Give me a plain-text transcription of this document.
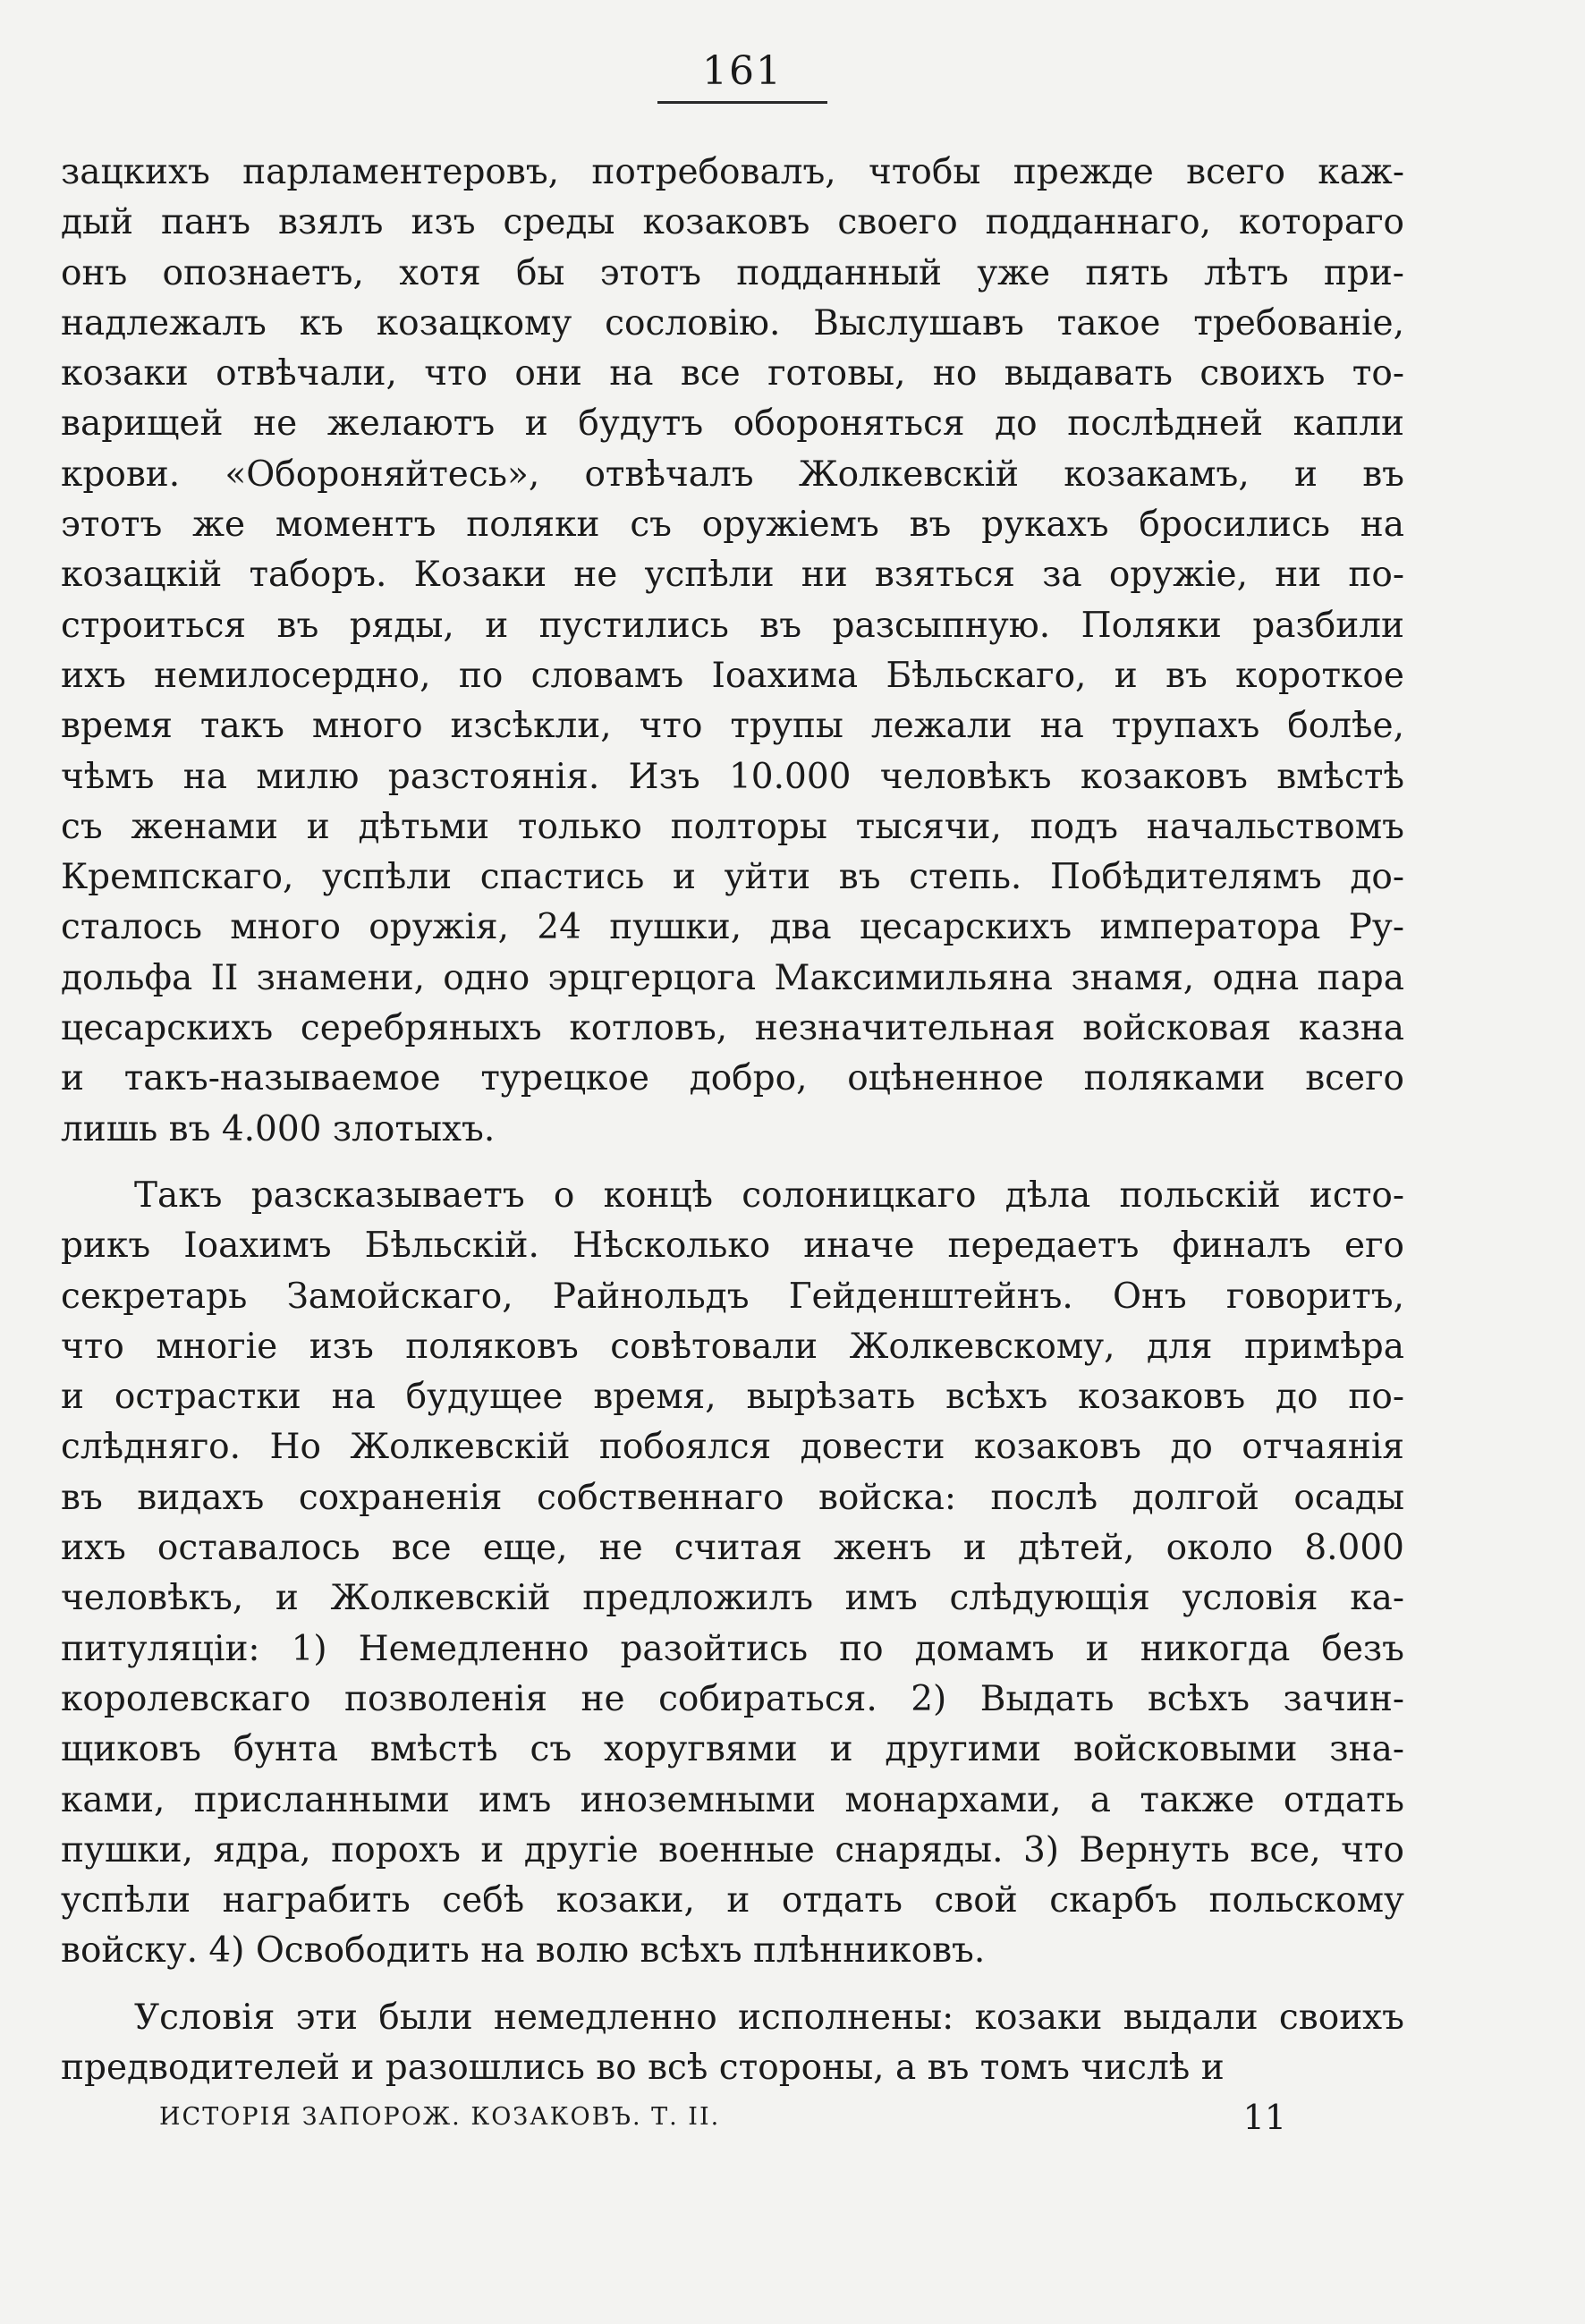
161
зацкихъ парламентеровъ, потребовалъ, чтобы прежде всего каж-
дый панъ взялъ изъ среды козаковъ своего подданнаго, котораго
онъ опознаетъ, хотя бы этотъ подданный уже пять лѣтъ при-
надлежалъ къ козацкому сословію. Выслушавъ такое требованіе,
козаки отвѣчали, что они на все готовы, но выдавать своихъ то-
варищей не желаютъ и будутъ обороняться до послѣдней капли
крови. «Обороняйтесь», отвѣчалъ Жолкевскій козакамъ, и въ
этотъ же моментъ поляки съ оружіемъ въ рукахъ бросились на
козацкій таборъ. Козаки не успѣли ни взяться за оружіе, ни по-
строиться въ ряды, и пустились въ разсыпную. Поляки разбили
ихъ немилосердно, по словамъ Іоахима Бѣльскаго, и въ короткое
время такъ много изсѣкли, что трупы лежали на трупахъ болѣе,
чѣмъ на милю разстоянія. Изъ 10.000 человѣкъ козаковъ вмѣстѣ
съ женами и дѣтьми только полторы тысячи, подъ начальствомъ
Кремпскаго, успѣли спастись и уйти въ степь. Побѣдителямъ до-
сталось много оружія, 24 пушки, два цесарскихъ императора Ру-
дольфа II знамени, одно эрцгерцога Максимильяна знамя, одна пара
цесарскихъ серебряныхъ котловъ, незначительная войсковая казна
и такъ-называемое турецкое добро, оцѣненное поляками всего
лишь въ 4.000 злотыхъ.
Такъ разсказываетъ о концѣ солоницкаго дѣла польскій исто-
рикъ Іоахимъ Бѣльскій. Нѣсколько иначе передаетъ финалъ его
секретарь Замойскаго, Райнольдъ Гейденштейнъ. Онъ говоритъ,
что многіе изъ поляковъ совѣтовали Жолкевскому, для примѣра
и острастки на будущее время, вырѣзать всѣхъ козаковъ до по-
слѣдняго. Но Жолкевскій побоялся довести козаковъ до отчаянія
въ видахъ сохраненія собственнаго войска: послѣ долгой осады
ихъ оставалось все еще, не считая женъ и дѣтей, около 8.000
человѣкъ, и Жолкевскій предложилъ имъ слѣдующія условія ка-
питуляціи: 1) Немедленно разойтись по домамъ и никогда безъ
королевскаго позволенія не собираться. 2) Выдать всѣхъ зачин-
щиковъ бунта вмѣстѣ съ хоругвями и другими войсковыми зна-
ками, присланными имъ иноземными монархами, а также отдать
пушки, ядра, порохъ и другіе военные снаряды. 3) Вернуть все, что
успѣли награбить себѣ козаки, и отдать свой скарбъ польскому
войску. 4) Освободить на волю всѣхъ плѣнниковъ.
Условія эти были немедленно исполнены: козаки выдали своихъ
предводителей и разошлись во всѣ стороны, а въ томъ числѣ и
ИСТОРІЯ ЗАПОРОЖ. КОЗАКОВЪ. Т. II.	11
